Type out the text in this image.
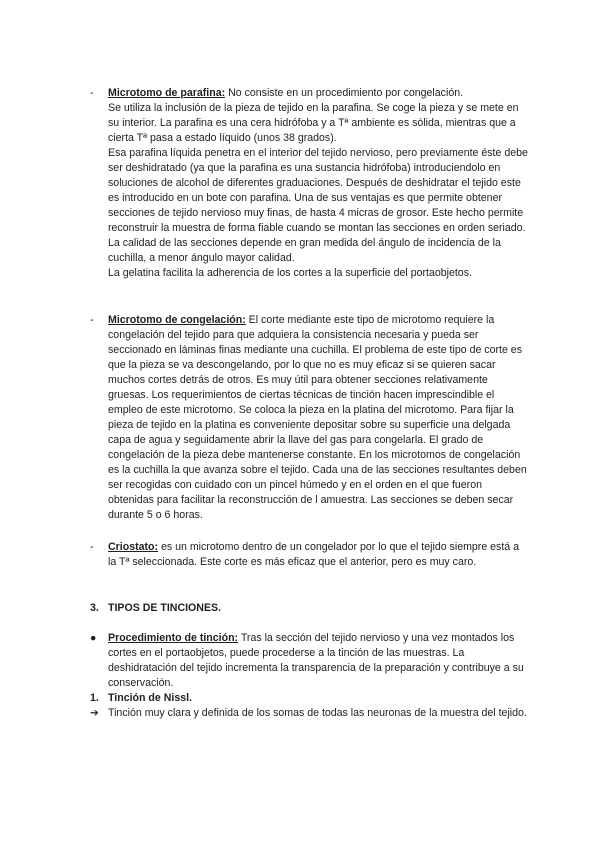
-	Microtomo de parafina: No consiste en un procedimiento por congelación.

Se utiliza la inclusión de la pieza de tejido en la parafina. Se coge la pieza y se mete en su interior. La parafina es una cera hidrófoba y a Tª ambiente es sólida, mientras que a cierta Tª pasa a estado líquido (unos 38 grados).

Esa parafina líquida penetra en el interior del tejido nervioso, pero previamente éste debe ser deshidratado (ya que la parafina es una sustancia hidrófoba) introduciendolo en soluciones de alcohol de diferentes graduaciones. Después de deshidratar el tejido este es introducido en un bote con parafina. Una de sus ventajas es que permite obtener secciones de tejido nervioso muy finas, de hasta 4 micras de grosor. Este hecho permite reconstruir la muestra de forma fiable cuando se montan las secciones en orden seriado.

La calidad de las secciones depende en gran medida del ángulo de incidencia de la cuchilla, a menor ángulo mayor calidad.

La gelatina facilita la adherencia de los cortes a la superficie del portaobjetos.

-	Microtomo de congelación: El corte mediante este tipo de microtomo requiere la congelación del tejido para que adquiera la consistencia necesaria y pueda ser seccionado en láminas finas mediante una cuchilla. El problema de este tipo de corte es que la pieza se va descongelando, por lo que no es muy eficaz si se quieren sacar muchos cortes detrás de otros. Es muy útil para obtener secciones relativamente gruesas. Los requerimientos de ciertas técnicas de tinción hacen imprescindible el empleo de este microtomo. Se coloca la pieza en la platina del microtomo. Para fijar la pieza de tejido en la platina es conveniente depositar sobre su superficie una delgada capa de agua y seguidamente abrir la llave del gas para congelarla. El grado de congelación de la pieza debe mantenerse constante. En los microtomos de congelación es la cuchilla la que avanza sobre el tejido. Cada una de las secciones resultantes deben ser recogidas con cuidado con un pincel húmedo y en el orden en el que fueron obtenidas para facilitar la reconstrucción de l amuestra. Las secciones se deben secar durante 5 o 6 horas.

-	Criostato: es un microtomo dentro de un congelador por lo que el tejido siempre está a la Tª seleccionada. Este corte es más eficaz que el anterior, pero es muy caro.

3. TIPOS DE TINCIONES.

●	Procedimiento de tinción: Tras la sección del tejido nervioso y una vez montados los cortes en el portaobjetos, puede procederse a la tinción de las muestras. La deshidratación del tejido incrementa la transparencia de la preparación y contribuye a su conservación.

1. Tinción de Nissl.

➔ Tinción muy clara y definida de los somas de todas las neuronas de la muestra del tejido.
